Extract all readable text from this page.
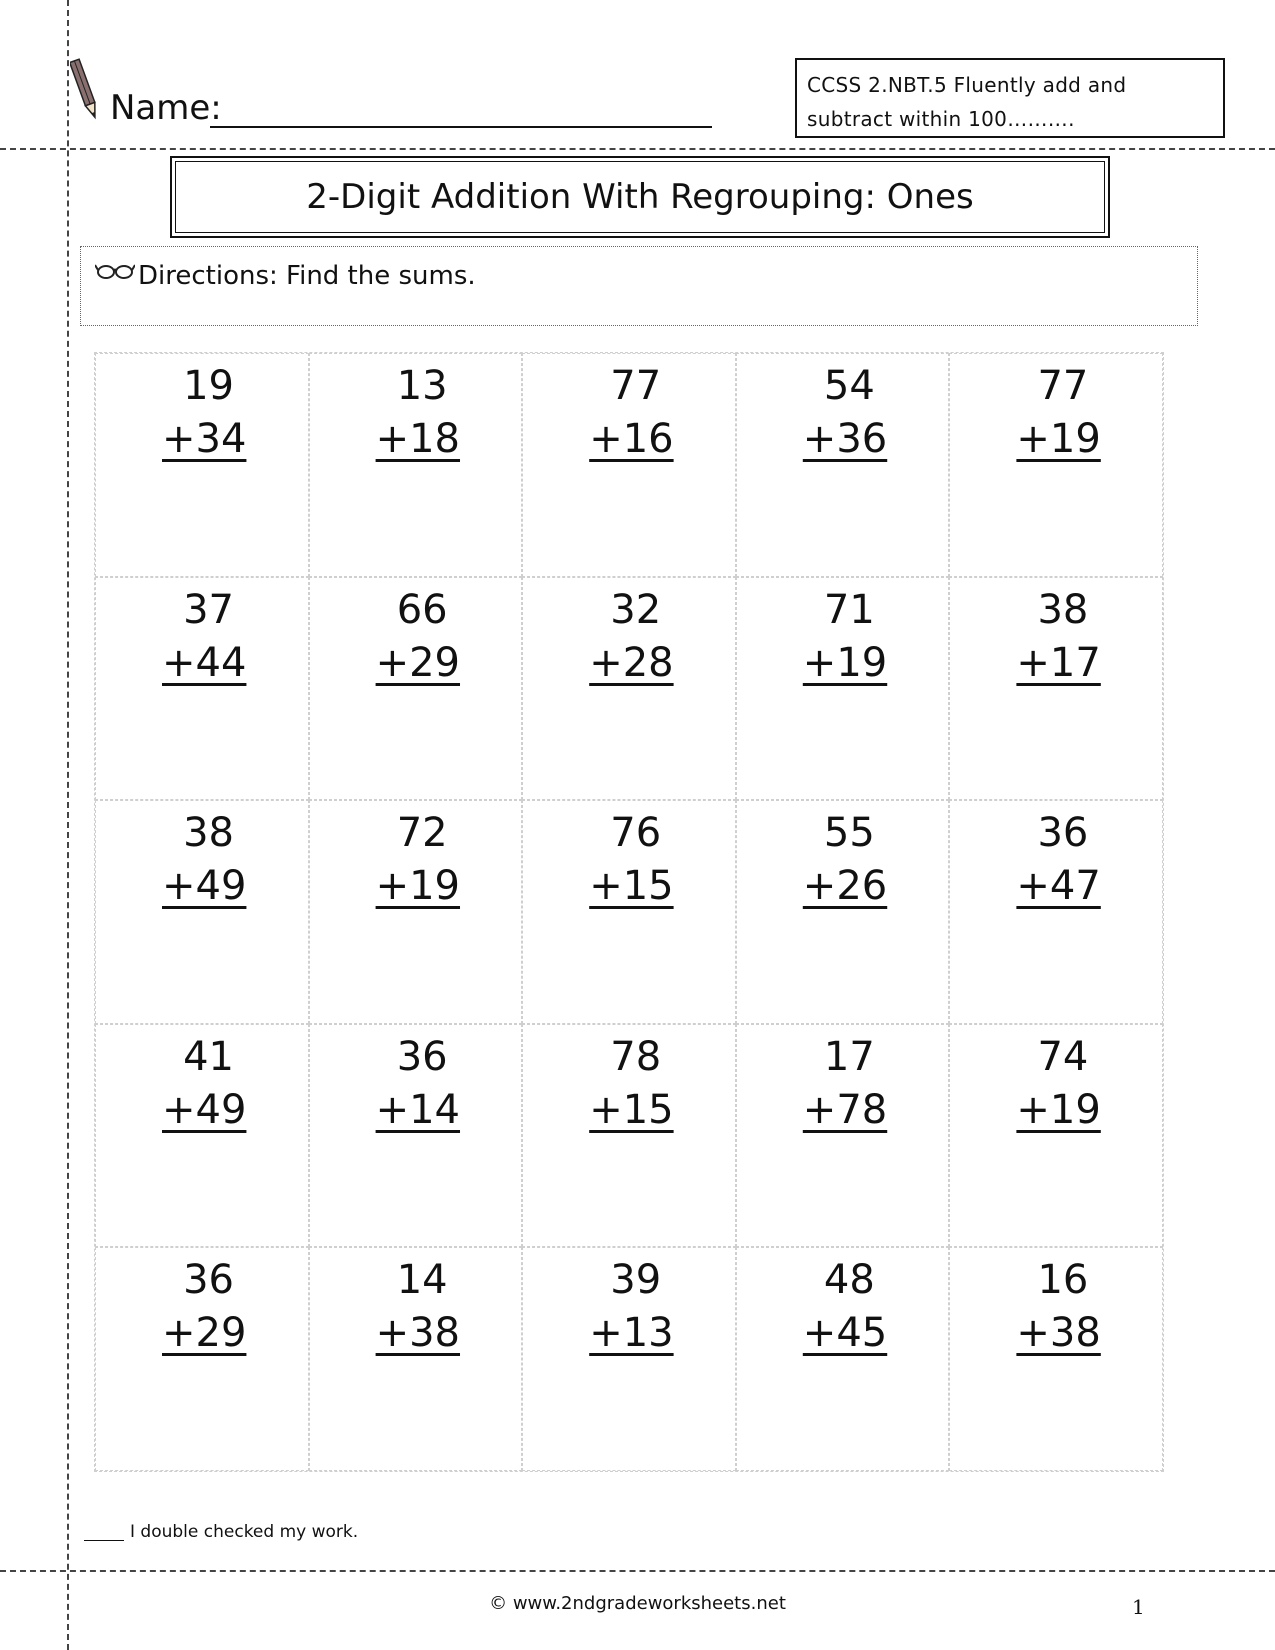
Name:
CCSS 2.NBT.5 Fluently add and subtract within 100……….
2-Digit Addition With Regrouping: Ones
Directions: Find the sums.
19
+34
13
+18
77
+16
54
+36
77
+19
37
+44
66
+29
32
+28
71
+19
38
+17
38
+49
72
+19
76
+15
55
+26
36
+47
41
+49
36
+14
78
+15
17
+78
74
+19
36
+29
14
+38
39
+13
48
+45
16
+38
I double checked my work.
© www.2ndgradeworksheets.net	1
